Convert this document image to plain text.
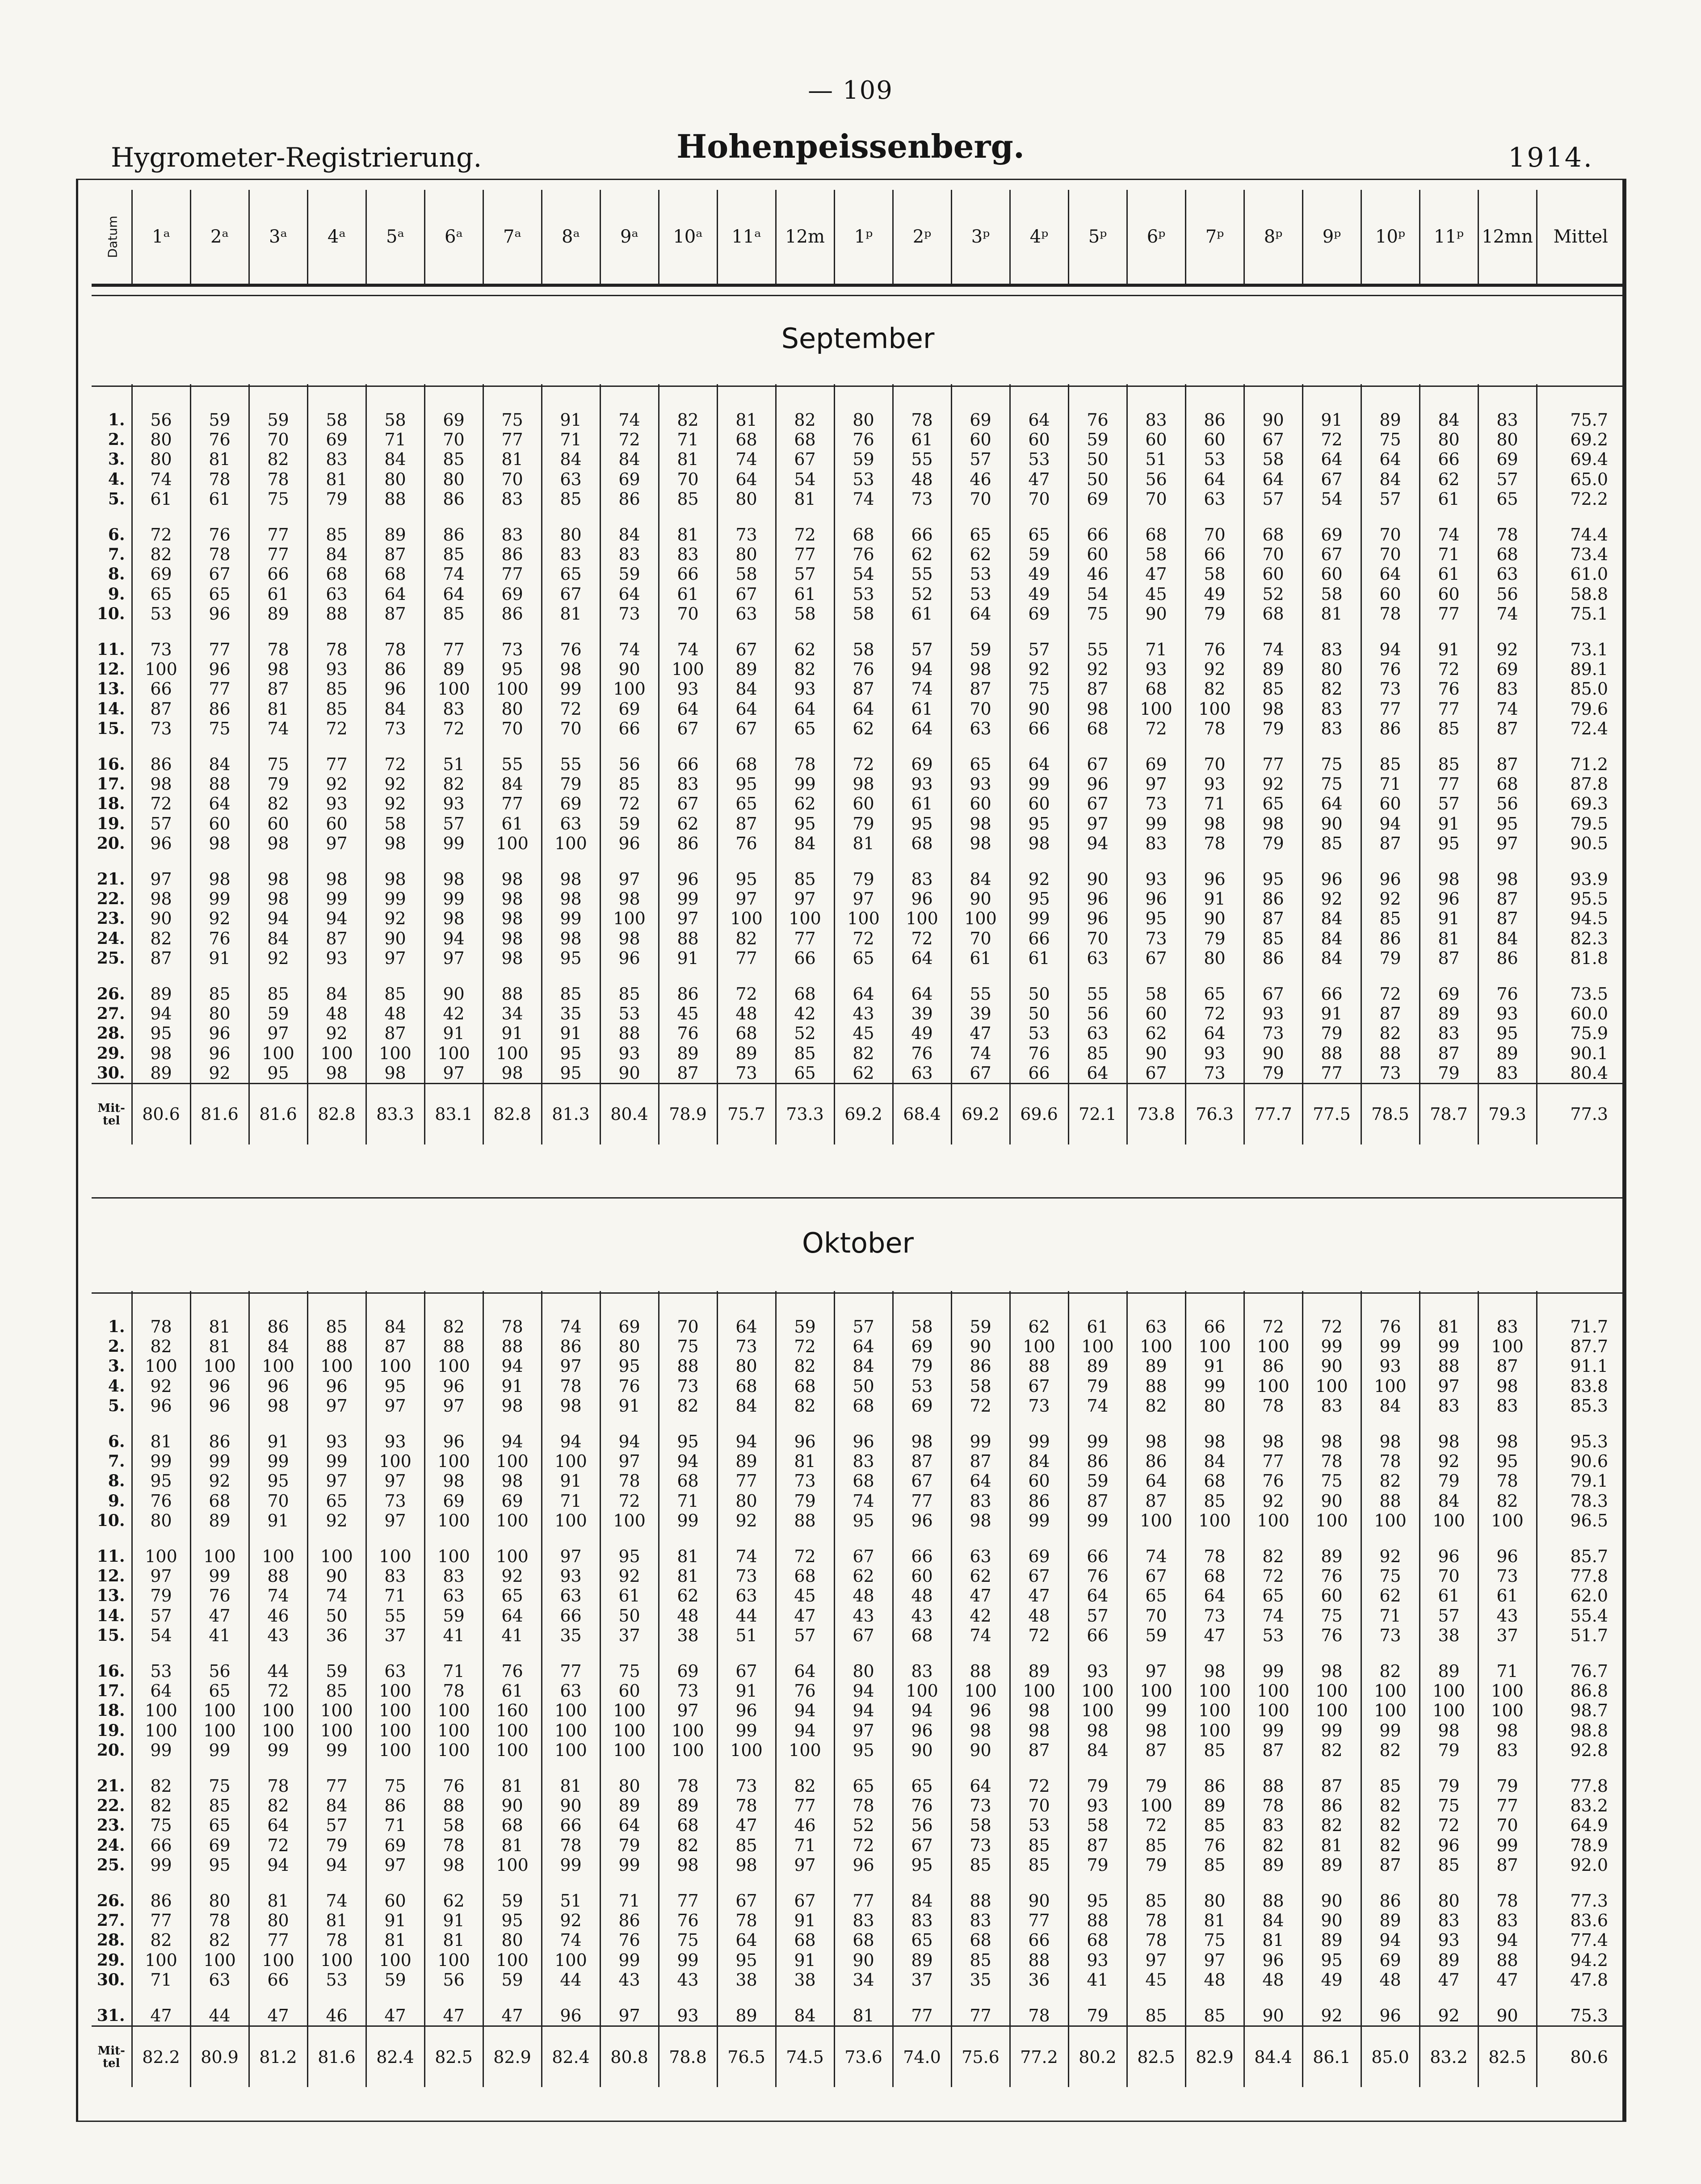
— 109
Hygrometer-Registrierung.	Hohenpeissenberg.	1914.
Datum	1ᵃ	2ᵃ	3ᵃ	4ᵃ	5ᵃ	6ᵃ	7ᵃ	8ᵃ	9ᵃ	10ᵃ	11ᵃ	12m	1ᵖ	2ᵖ	3ᵖ	4ᵖ	5ᵖ	6ᵖ	7ᵖ	8ᵖ	9ᵖ	10ᵖ	11ᵖ	12mn	Mittel
September
1.	56	59	59	58	58	69	75	91	74	82	81	82	80	78	69	64	76	83	86	90	91	89	84	83	75.7
2.	80	76	70	69	71	70	77	71	72	71	68	68	76	61	60	60	59	60	60	67	72	75	80	80	69.2
3.	80	81	82	83	84	85	81	84	84	81	74	67	59	55	57	53	50	51	53	58	64	64	66	69	69.4
4.	74	78	78	81	80	80	70	63	69	70	64	54	53	48	46	47	50	56	64	64	67	84	62	57	65.0
5.	61	61	75	79	88	86	83	85	86	85	80	81	74	73	70	70	69	70	63	57	54	57	61	65	72.2

6.	72	76	77	85	89	86	83	80	84	81	73	72	68	66	65	65	66	68	70	68	69	70	74	78	74.4
7.	82	78	77	84	87	85	86	83	83	83	80	77	76	62	62	59	60	58	66	70	67	70	71	68	73.4
8.	69	67	66	68	68	74	77	65	59	66	58	57	54	55	53	49	46	47	58	60	60	64	61	63	61.0
9.	65	65	61	63	64	64	69	67	64	61	67	61	53	52	53	49	54	45	49	52	58	60	60	56	58.8
10.	53	96	89	88	87	85	86	81	73	70	63	58	58	61	64	69	75	90	79	68	81	78	77	74	75.1

11.	73	77	78	78	78	77	73	76	74	74	67	62	58	57	59	57	55	71	76	74	83	94	91	92	73.1
12.	100	96	98	93	86	89	95	98	90	100	89	82	76	94	98	92	92	93	92	89	80	76	72	69	89.1
13.	66	77	87	85	96	100	100	99	100	93	84	93	87	74	87	75	87	68	82	85	82	73	76	83	85.0
14.	87	86	81	85	84	83	80	72	69	64	64	64	64	61	70	90	98	100	100	98	83	77	77	74	79.6
15.	73	75	74	72	73	72	70	70	66	67	67	65	62	64	63	66	68	72	78	79	83	86	85	87	72.4

16.	86	84	75	77	72	51	55	55	56	66	68	78	72	69	65	64	67	69	70	77	75	85	85	87	71.2
17.	98	88	79	92	92	82	84	79	85	83	95	99	98	93	93	99	96	97	93	92	75	71	77	68	87.8
18.	72	64	82	93	92	93	77	69	72	67	65	62	60	61	60	60	67	73	71	65	64	60	57	56	69.3
19.	57	60	60	60	58	57	61	63	59	62	87	95	79	95	98	95	97	99	98	98	90	94	91	95	79.5
20.	96	98	98	97	98	99	100	100	96	86	76	84	81	68	98	98	94	83	78	79	85	87	95	97	90.5

21.	97	98	98	98	98	98	98	98	97	96	95	85	79	83	84	92	90	93	96	95	96	96	98	98	93.9
22.	98	99	98	99	99	99	98	98	98	99	97	97	97	96	90	95	96	96	91	86	92	92	96	87	95.5
23.	90	92	94	94	92	98	98	99	100	97	100	100	100	100	100	99	96	95	90	87	84	85	91	87	94.5
24.	82	76	84	87	90	94	98	98	98	88	82	77	72	72	70	66	70	73	79	85	84	86	81	84	82.3
25.	87	91	92	93	97	97	98	95	96	91	77	66	65	64	61	61	63	67	80	86	84	79	87	86	81.8

26.	89	85	85	84	85	90	88	85	85	86	72	68	64	64	55	50	55	58	65	67	66	72	69	76	73.5
27.	94	80	59	48	48	42	34	35	53	45	48	42	43	39	39	50	56	60	72	93	91	87	89	93	60.0
28.	95	96	97	92	87	91	91	91	88	76	68	52	45	49	47	53	63	62	64	73	79	82	83	95	75.9
29.	98	96	100	100	100	100	100	95	93	89	89	85	82	76	74	76	85	90	93	90	88	88	87	89	90.1
30.	89	92	95	98	98	97	98	95	90	87	73	65	62	63	67	66	64	67	73	79	77	73	79	83	80.4
Mit-tel	80.6	81.6	81.6	82.8	83.3	83.1	82.8	81.3	80.4	78.9	75.7	73.3	69.2	68.4	69.2	69.6	72.1	73.8	76.3	77.7	77.5	78.5	78.7	79.3	77.3
Oktober
1.	78	81	86	85	84	82	78	74	69	70	64	59	57	58	59	62	61	63	66	72	72	76	81	83	71.7
2.	82	81	84	88	87	88	88	86	80	75	73	72	64	69	90	100	100	100	100	100	99	99	99	100	87.7
3.	100	100	100	100	100	100	94	97	95	88	80	82	84	79	86	88	89	89	91	86	90	93	88	87	91.1
4.	92	96	96	96	95	96	91	78	76	73	68	68	50	53	58	67	79	88	99	100	100	100	97	98	83.8
5.	96	96	98	97	97	97	98	98	91	82	84	82	68	69	72	73	74	82	80	78	83	84	83	83	85.3

6.	81	86	91	93	93	96	94	94	94	95	94	96	96	98	99	99	99	98	98	98	98	98	98	98	95.3
7.	99	99	99	99	100	100	100	100	97	94	89	81	83	87	87	84	86	86	84	77	78	78	92	95	90.6
8.	95	92	95	97	97	98	98	91	78	68	77	73	68	67	64	60	59	64	68	76	75	82	79	78	79.1
9.	76	68	70	65	73	69	69	71	72	71	80	79	74	77	83	86	87	87	85	92	90	88	84	82	78.3
10.	80	89	91	92	97	100	100	100	100	99	92	88	95	96	98	99	99	100	100	100	100	100	100	100	96.5

11.	100	100	100	100	100	100	100	97	95	81	74	72	67	66	63	69	66	74	78	82	89	92	96	96	85.7
12.	97	99	88	90	83	83	92	93	92	81	73	68	62	60	62	67	76	67	68	72	76	75	70	73	77.8
13.	79	76	74	74	71	63	65	63	61	62	63	45	48	48	47	47	64	65	64	65	60	62	61	61	62.0
14.	57	47	46	50	55	59	64	66	50	48	44	47	43	43	42	48	57	70	73	74	75	71	57	43	55.4
15.	54	41	43	36	37	41	41	35	37	38	51	57	67	68	74	72	66	59	47	53	76	73	38	37	51.7

16.	53	56	44	59	63	71	76	77	75	69	67	64	80	83	88	89	93	97	98	99	98	82	89	71	76.7
17.	64	65	72	85	100	78	61	63	60	73	91	76	94	100	100	100	100	100	100	100	100	100	100	100	86.8
18.	100	100	100	100	100	100	160	100	100	97	96	94	94	94	96	98	100	99	100	100	100	100	100	100	98.7
19.	100	100	100	100	100	100	100	100	100	100	99	94	97	96	98	98	98	98	100	99	99	99	98	98	98.8
20.	99	99	99	99	100	100	100	100	100	100	100	100	95	90	90	87	84	87	85	87	82	82	79	83	92.8

21.	82	75	78	77	75	76	81	81	80	78	73	82	65	65	64	72	79	79	86	88	87	85	79	79	77.8
22.	82	85	82	84	86	88	90	90	89	89	78	77	78	76	73	70	93	100	89	78	86	82	75	77	83.2
23.	75	65	64	57	71	58	68	66	64	68	47	46	52	56	58	53	58	72	85	83	82	82	72	70	64.9
24.	66	69	72	79	69	78	81	78	79	82	85	71	72	67	73	85	87	85	76	82	81	82	96	99	78.9
25.	99	95	94	94	97	98	100	99	99	98	98	97	96	95	85	85	79	79	85	89	89	87	85	87	92.0

26.	86	80	81	74	60	62	59	51	71	77	67	67	77	84	88	90	95	85	80	88	90	86	80	78	77.3
27.	77	78	80	81	91	91	95	92	86	76	78	91	83	83	83	77	88	78	81	84	90	89	83	83	83.6
28.	82	82	77	78	81	81	80	74	76	75	64	68	68	65	68	66	68	78	75	81	89	94	93	94	77.4
29.	100	100	100	100	100	100	100	100	99	99	95	91	90	89	85	88	93	97	97	96	95	69	89	88	94.2
30.	71	63	66	53	59	56	59	44	43	43	38	38	34	37	35	36	41	45	48	48	49	48	47	47	47.8

31.	47	44	47	46	47	47	47	96	97	93	89	84	81	77	77	78	79	85	85	90	92	96	92	90	75.3
Mit-tel	82.2	80.9	81.2	81.6	82.4	82.5	82.9	82.4	80.8	78.8	76.5	74.5	73.6	74.0	75.6	77.2	80.2	82.5	82.9	84.4	86.1	85.0	83.2	82.5	80.6
